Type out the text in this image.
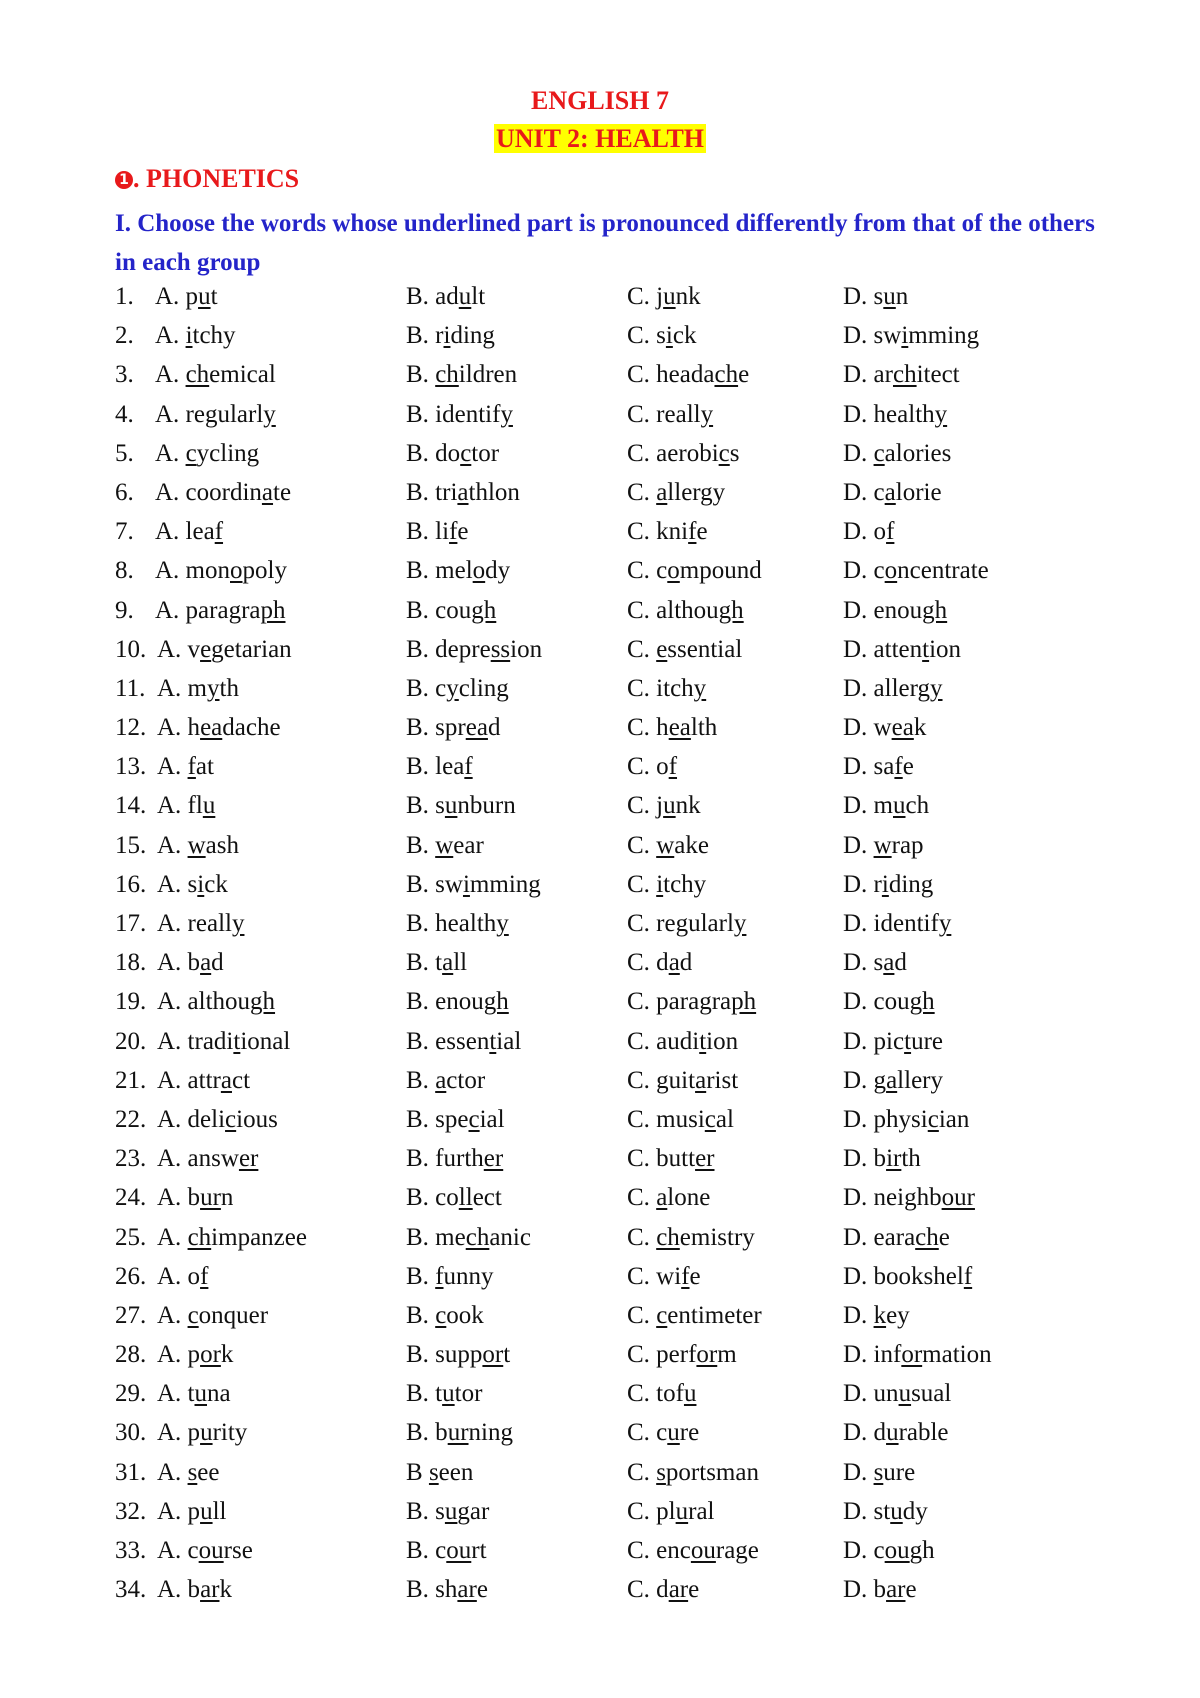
ENGLISH 7
UNIT 2: HEALTH
1 . PHONETICS
I. Choose the words whose underlined part is pronounced differently from that of the others in each group
1. A. put	B. adult	C. junk	D. sun
2. A. itchy	B. riding	C. sick	D. swimming
3. A. chemical	B. children	C. headache	D. architect
4. A. regularly	B. identify	C. really	D. healthy
5. A. cycling	B. doctor	C. aerobics	D. calories
6. A. coordinate	B. triathlon	C. allergy	D. calorie
7. A. leaf	B. life	C. knife	D. of
8. A. monopoly	B. melody	C. compound	D. concentrate
9. A. paragraph	B. cough	C. although	D. enough
10. A. vegetarian	B. depression	C. essential	D. attention
11. A. myth	B. cycling	C. itchy	D. allergy
12. A. headache	B. spread	C. health	D. weak
13. A. fat	B. leaf	C. of	D. safe
14. A. flu	B. sunburn	C. junk	D. much
15. A. wash	B. wear	C. wake	D. wrap
16. A. sick	B. swimming	C. itchy	D. riding
17. A. really	B. healthy	C. regularly	D. identify
18. A. bad	B. tall	C. dad	D. sad
19. A. although	B. enough	C. paragraph	D. cough
20. A. traditional	B. essential	C. audition	D. picture
21. A. attract	B. actor	C. guitarist	D. gallery
22. A. delicious	B. special	C. musical	D. physician
23. A. answer	B. further	C. butter	D. birth
24. A. burn	B. collect	C. alone	D. neighbour
25. A. chimpanzee	B. mechanic	C. chemistry	D. earache
26. A. of	B. funny	C. wife	D. bookshelf
27. A. conquer	B. cook	C. centimeter	D. key
28. A. pork	B. support	C. perform	D. information
29. A. tuna	B. tutor	C. tofu	D. unusual
30. A. purity	B. burning	C. cure	D. durable
31. A. see	B seen	C. sportsman	D. sure
32. A. pull	B. sugar	C. plural	D. study
33. A. course	B. court	C. encourage	D. cough
34. A. bark	B. share	C. dare	D. bare
